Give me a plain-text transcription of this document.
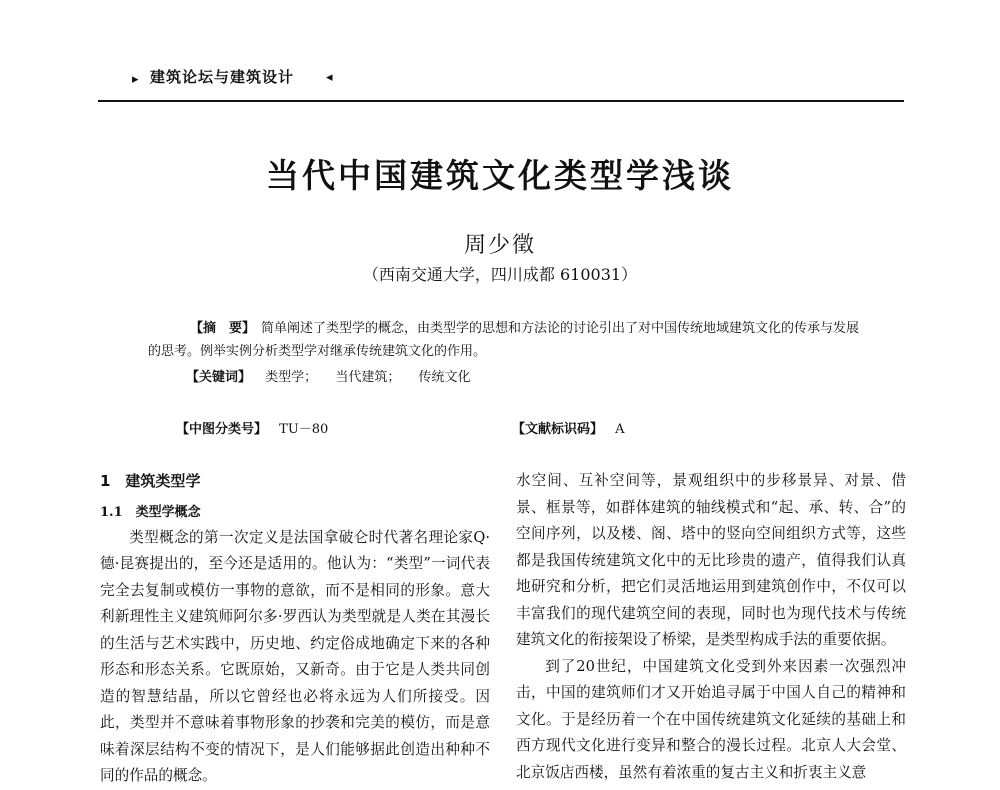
▸ 建筑论坛与建筑设计 ◂
当代中国建筑文化类型学浅谈
周少徵
（西南交通大学，四川成都 610031）
【摘　要】 简单阐述了类型学的概念，由类型学的思想和方法论的讨论引出了对中国传统地域建筑文化的传承与发展的思考。例举实例分析类型学对继承传统建筑文化的作用。
【关键词】 类型学； 当代建筑； 传统文化
【中图分类号】 TU－80	【文献标识码】 A

1　建筑类型学

1.1　类型学概念

类型概念的第一次定义是法国拿破仑时代著名理论家Q·德·昆赛提出的，至今还是适用的。他认为：“类型”一词代表完全去复制或模仿一事物的意欲，而不是相同的形象。意大利新理性主义建筑师阿尔多·罗西认为类型就是人类在其漫长的生活与艺术实践中，历史地、约定俗成地确定下来的各种形态和形态关系。它既原始，又新奇。由于它是人类共同创造的智慧结晶，所以它曾经也必将永远为人们所接受。因此，类型并不意味着事物形象的抄袭和完美的模仿，而是意味着深层结构不变的情况下，是人们能够据此创造出种种不同的作品的概念。

水空间、互补空间等，景观组织中的步移景异、对景、借景、框景等，如群体建筑的轴线模式和“起、承、转、合”的空间序列，以及楼、阁、塔中的竖向空间组织方式等，这些都是我国传统建筑文化中的无比珍贵的遗产，值得我们认真地研究和分析，把它们灵活地运用到建筑创作中，不仅可以丰富我们的现代建筑空间的表现，同时也为现代技术与传统建筑文化的衔接架设了桥梁，是类型构成手法的重要依据。

到了20世纪，中国建筑文化受到外来因素一次强烈冲击，中国的建筑师们才又开始追寻属于中国人自己的精神和文化。于是经历着一个在中国传统建筑文化延续的基础上和西方现代文化进行变异和整合的漫长过程。北京人大会堂、北京饭店西楼，虽然有着浓重的复古主义和折衷主义意
